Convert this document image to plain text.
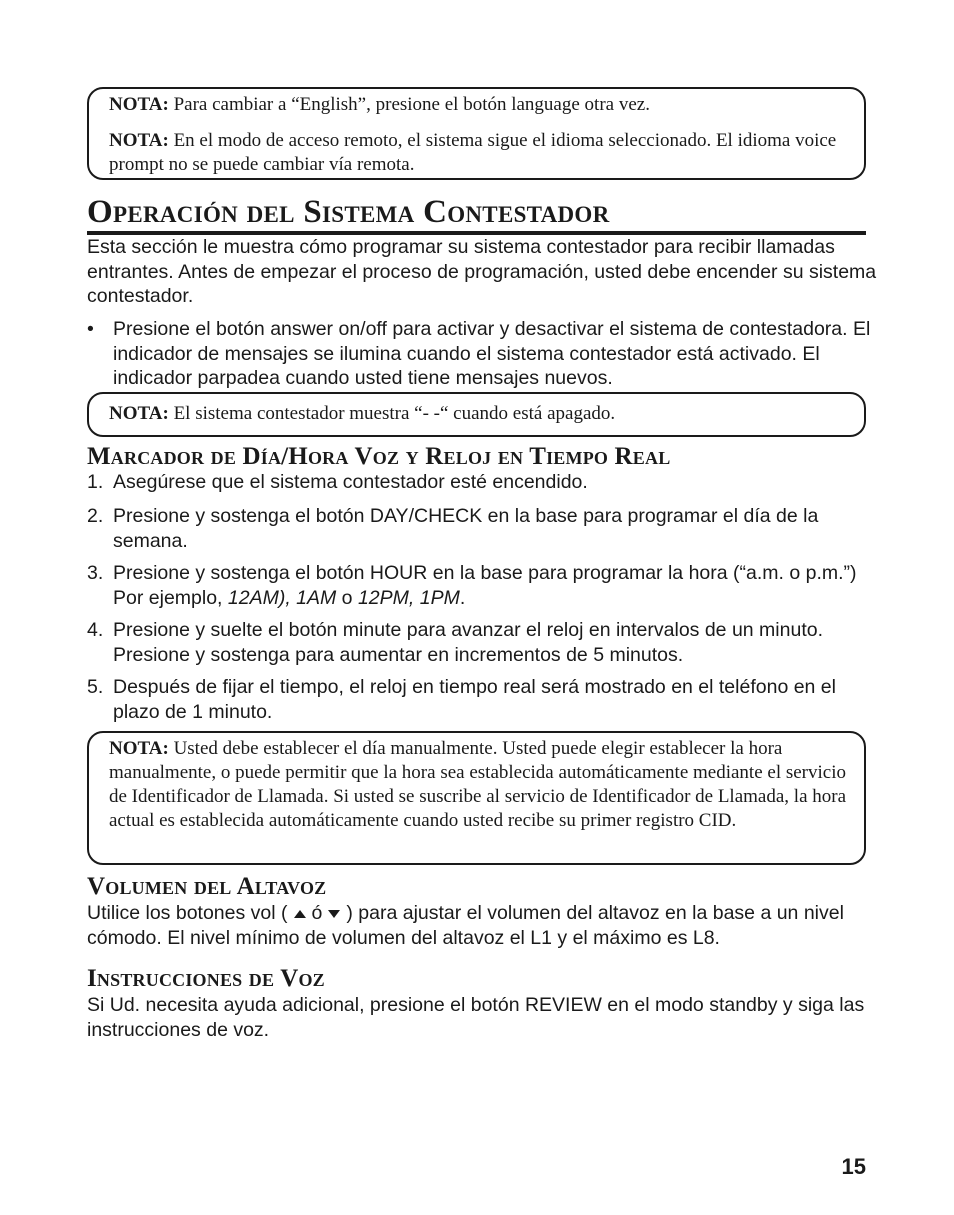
NOTA: Para cambiar a “English”, presione el botón language otra vez.

NOTA: En el modo de acceso remoto, el sistema sigue el idioma seleccionado. El idioma voice prompt no se puede cambiar vía remota.

Operación del Sistema Contestador

Esta sección le muestra cómo programar su sistema contestador para recibir llamadas entrantes. Antes de empezar el proceso de programación, usted debe encender su sistema contestador.

• Presione el botón answer on/off para activar y desactivar el sistema de contestadora. El indicador de mensajes se ilumina cuando el sistema contestador está activado. El indicador parpadea cuando usted tiene mensajes nuevos.

NOTA: El sistema contestador muestra “- -“ cuando está apagado.

Marcador de Día/Hora Voz y Reloj en Tiempo Real
1. Asegúrese que el sistema contestador esté encendido.
2. Presione y sostenga el botón DAY/CHECK en la base para programar el día de la semana.
3. Presione y sostenga el botón HOUR en la base para programar la hora (“a.m. o p.m.”) Por ejemplo, 12AM), 1AM o 12PM, 1PM.
4. Presione y suelte el botón minute para avanzar el reloj en intervalos de un minuto. Presione y sostenga para aumentar en incrementos de 5 minutos.
5. Después de fijar el tiempo, el reloj en tiempo real será mostrado en el teléfono en el plazo de 1 minuto.

NOTA: Usted debe establecer el día manualmente. Usted puede elegir establecer la hora manualmente, o puede permitir que la hora sea establecida automáticamente mediante el servicio de Identificador de Llamada. Si usted se suscribe al servicio de Identificador de Llamada, la hora actual es establecida automáticamente cuando usted recibe su primer registro CID.

Volumen del Altavoz

Utilice los botones vol ( ó ) para ajustar el volumen del altavoz en la base a un nivel cómodo. El nivel mínimo de volumen del altavoz el L1 y el máximo es L8.

Instrucciones de Voz

Si Ud. necesita ayuda adicional, presione el botón REVIEW en el modo standby y siga las instrucciones de voz.

15
